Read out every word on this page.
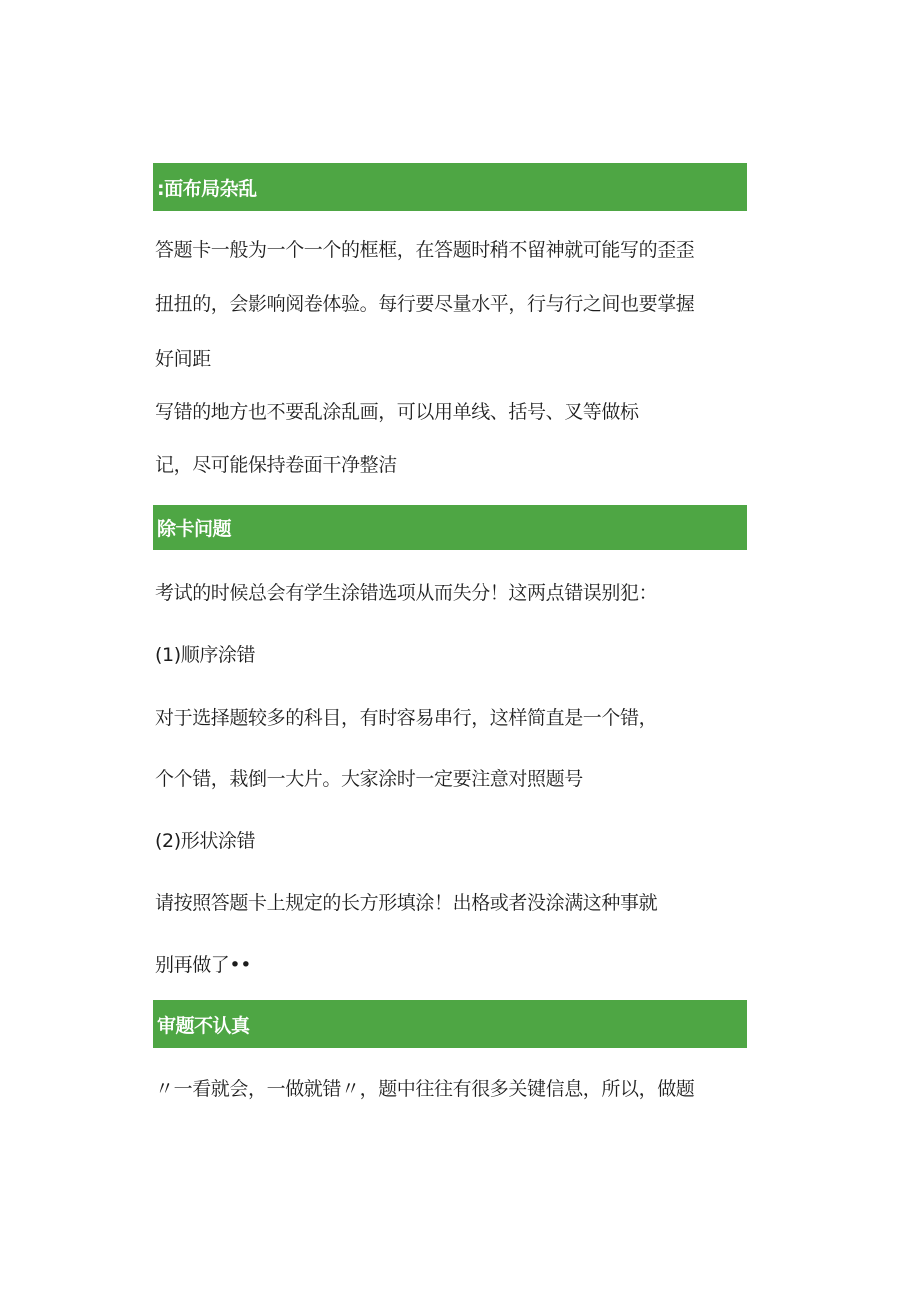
:面布局杂乱
答题卡一般为一个一个的框框，在答题时稍不留神就可能写的歪歪
扭扭的，会影响阅卷体验。每行要尽量水平，行与行之间也要掌握
好间距
写错的地方也不要乱涂乱画，可以用单线、括号、叉等做标
记，尽可能保持卷面干净整洁
除卡问题
考试的时候总会有学生涂错选项从而失分！这两点错误别犯：
(1)顺序涂错
对于选择题较多的科目，有时容易串行，这样简直是一个错，
个个错，栽倒一大片。大家涂时一定要注意对照题号
(2)形状涂错
请按照答题卡上规定的长方形填涂！出格或者没涂满这种事就
别再做了••
审题不认真
〃一看就会，一做就错〃，题中往往有很多关键信息，所以，做题
